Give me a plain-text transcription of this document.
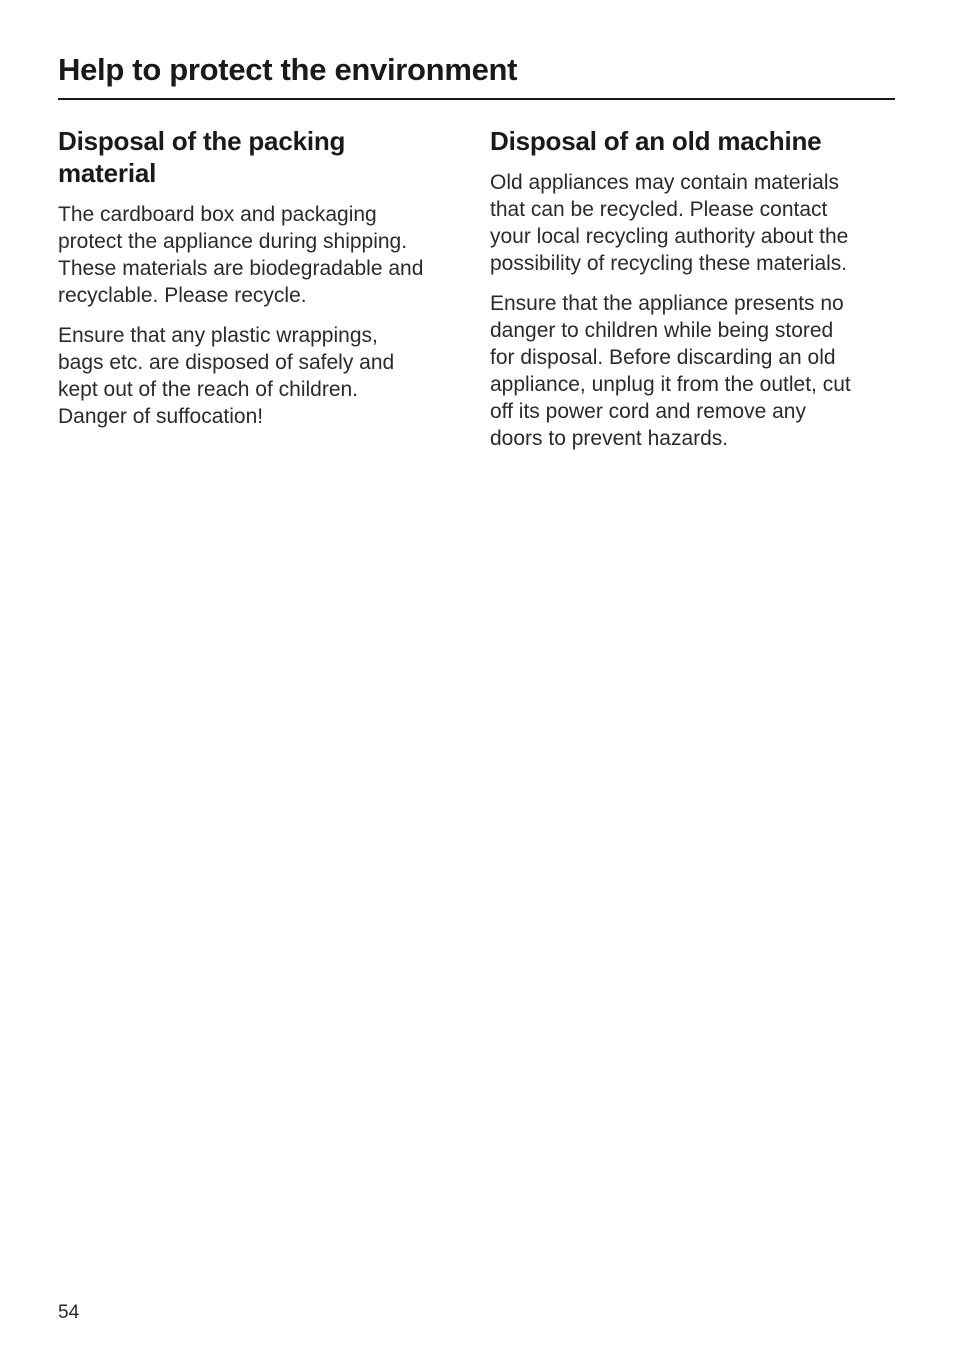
Help to protect the environment
Disposal of the packing
material

The cardboard box and packaging
protect the appliance during shipping.
These materials are biodegradable and
recyclable. Please recycle.

Ensure that any plastic wrappings,
bags etc. are disposed of safely and
kept out of the reach of children.
Danger of suffocation!

Disposal of an old machine

Old appliances may contain materials
that can be recycled. Please contact
your local recycling authority about the
possibility of recycling these materials.

Ensure that the appliance presents no
danger to children while being stored
for disposal. Before discarding an old
appliance, unplug it from the outlet, cut
off its power cord and remove any
doors to prevent hazards.

54
